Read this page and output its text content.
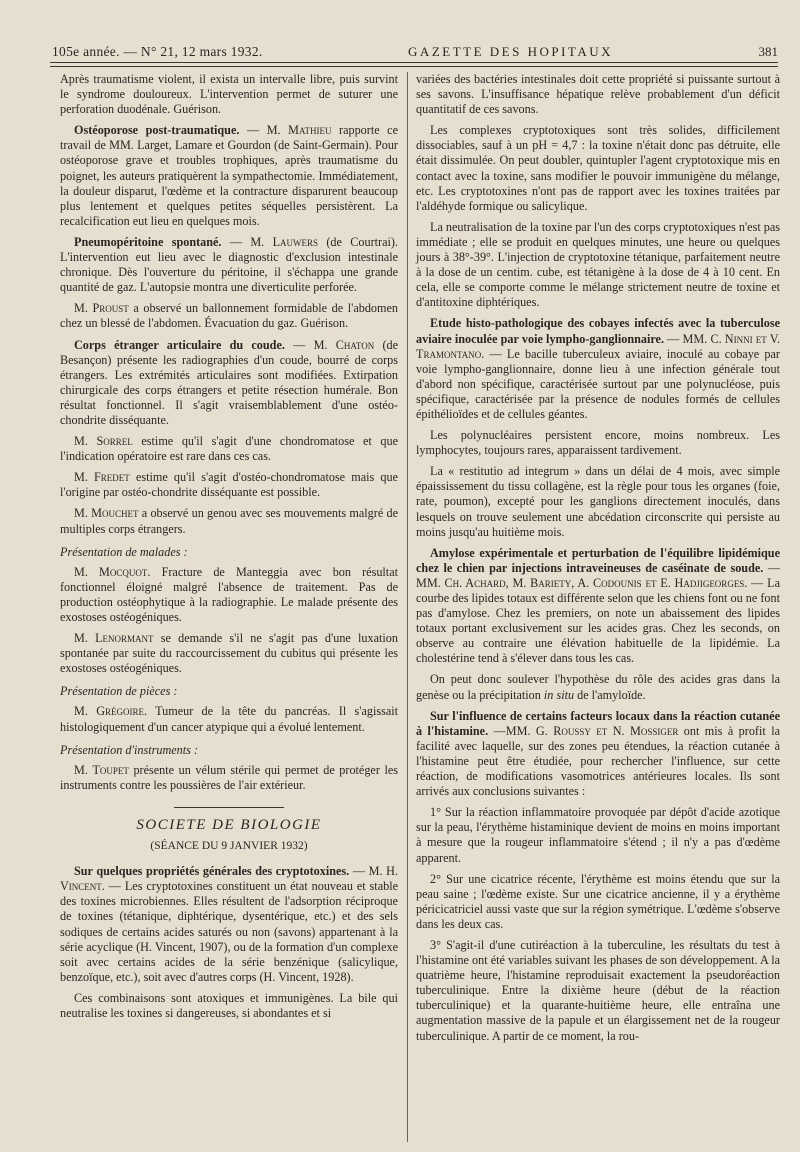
105e année. — N° 21, 12 mars 1932.	GAZETTE DES HOPITAUX	381

Après traumatisme violent, il exista un intervalle libre, puis survint le syndrome douloureux. L'intervention permet de suturer une perforation duodénale. Guérison.

Ostéoporose post-traumatique. — M. Mathieu rapporte ce travail de MM. Larget, Lamare et Gourdon (de Saint-Germain). Pour ostéoporose grave et troubles trophiques, après traumatisme du poignet, les auteurs pratiquèrent la sympathectomie. Immédiatement, la douleur disparut, l'œdème et la contracture disparurent beaucoup plus lentement et quelques petites séquelles persistèrent. La recalcification eut lieu en quelques mois.

Pneumopéritoine spontané. — M. Lauwers (de Courtrai). L'intervention eut lieu avec le diagnostic d'exclusion intestinale chronique. Dès l'ouverture du péritoine, il s'échappa une grande quantité de gaz. L'autopsie montra une diverticulite perforée.

M. Proust a observé un ballonnement formidable de l'abdomen chez un blessé de l'abdomen. Évacuation du gaz. Guérison.

Corps étranger articulaire du coude. — M. Chaton (de Besançon) présente les radiographies d'un coude, bourré de corps étrangers. Les extrémités articulaires sont modifiées. Extirpation chirurgicale des corps étrangers et petite résection humérale. Bon résultat fonctionnel. Il s'agit vraisemblablement d'une ostéo-chondrite disséquante.

M. Sorrel estime qu'il s'agit d'une chondromatose et que l'indication opératoire est rare dans ces cas.

M. Fredet estime qu'il s'agit d'ostéo-chondromatose mais que l'origine par ostéo-chondrite disséquante est possible.

M. Mouchet a observé un genou avec ses mouvements malgré de multiples corps étrangers.

Présentation de malades :

M. Mocquot. Fracture de Manteggia avec bon résultat fonctionnel éloigné malgré l'absence de traitement. Pas de production ostéophytique à la radiographie. Le malade présente des exostoses ostéogéniques.

M. Lenormant se demande s'il ne s'agit pas d'une luxation spontanée par suite du raccourcissement du cubitus qui présente les exostoses ostéogéniques.

Présentation de pièces :

M. Grégoire. Tumeur de la tête du pancréas. Il s'agissait histologiquement d'un cancer atypique qui a évolué lentement.

Présentation d'instruments :

M. Toupet présente un vélum stérile qui permet de protéger les instruments contre les poussières de l'air extérieur.

SOCIETE DE BIOLOGIE
(SÉANCE DU 9 JANVIER 1932)

Sur quelques propriétés générales des cryptotoxines. — M. H. Vincent. — Les cryptotoxines constituent un état nouveau et stable des toxines microbiennes. Elles résultent de l'adsorption réciproque de toxines (tétanique, diphtérique, dysentérique, etc.) et des sels sodiques de certains acides saturés ou non (savons) appartenant à la série acyclique (H. Vincent, 1907), ou de la formation d'un complexe soit avec certains acides de la série benzénique (salicylique, benzoïque, etc.), soit avec d'autres corps (H. Vincent, 1928).

Ces combinaisons sont atoxiques et immunigènes. La bile qui neutralise les toxines si dangereuses, si abondantes et si

variées des bactéries intestinales doit cette propriété si puissante surtout à ses savons. L'insuffisance hépatique relève probablement d'un déficit quantitatif de ces savons.

Les complexes cryptotoxiques sont très solides, difficilement dissociables, sauf à un pH = 4,7 : la toxine n'était donc pas détruite, elle était dissimulée. On peut doubler, quintupler l'agent cryptotoxique mis en contact avec la toxine, sans modifier le pouvoir immunigène du mélange, etc. Les cryptotoxines n'ont pas de rapport avec les toxines traitées par l'aldéhyde formique ou salicylique.

La neutralisation de la toxine par l'un des corps cryptotoxiques n'est pas immédiate ; elle se produit en quelques minutes, une heure ou quelques jours à 38°-39°. L'injection de cryptotoxine tétanique, parfaitement neutre à la dose de un centim. cube, est tétanigène à la dose de 4 à 10 cent. En cela, elle se comporte comme le mélange strictement neutre de toxine et d'antitoxine diphtériques.

Etude histo-pathologique des cobayes infectés avec la tuberculose aviaire inoculée par voie lympho-ganglionnaire. — MM. C. Ninni et V. Tramontano. — Le bacille tuberculeux aviaire, inoculé au cobaye par voie lympho-ganglionnaire, donne lieu à une infection générale tout d'abord non spécifique, caractérisée surtout par une polynucléose, puis spécifique, caractérisée par la présence de nodules formés de cellules épithélioïdes et de cellules géantes.

Les polynucléaires persistent encore, moins nombreux. Les lymphocytes, toujours rares, apparaissent tardivement.

La « restitutio ad integrum » dans un délai de 4 mois, avec simple épaississement du tissu collagène, est la règle pour tous les organes (foie, rate, poumon), excepté pour les ganglions directement inoculés, dans lesquels on trouve seulement une abcédation circonscrite qui persiste au moins jusqu'au huitième mois.

Amylose expérimentale et perturbation de l'équilibre lipidémique chez le chien par injections intraveineuses de caséinate de soude. — MM. Ch. Achard, M. Bariety, A. Codounis et E. Hadjigeorges. — La courbe des lipides totaux est différente selon que les chiens font ou ne font pas d'amylose. Chez les premiers, on note un abaissement des lipides totaux portant exclusivement sur les acides gras. Chez les seconds, on observe au contraire une élévation habituelle de la lipidémie. La cholestérine tend à s'élever dans tous les cas.

On peut donc soulever l'hypothèse du rôle des acides gras dans la genèse ou la précipitation in situ de l'amyloïde.

Sur l'influence de certains facteurs locaux dans la réaction cutanée à l'histamine. —MM. G. Roussy et N. Mossiger ont mis à profit la facilité avec laquelle, sur des zones peu étendues, la réaction cutanée à l'histamine peut être étudiée, pour rechercher l'influence, sur cette réaction, de modifications vasomotrices antérieures locales. Ils sont arrivés aux conclusions suivantes :

1° Sur la réaction inflammatoire provoquée par dépôt d'acide azotique sur la peau, l'érythème histaminique devient de moins en moins important à mesure que la rougeur inflammatoire s'étend ; il n'y a pas d'œdème apparent.

2° Sur une cicatrice récente, l'érythème est moins étendu que sur la peau saine ; l'œdème existe. Sur une cicatrice ancienne, il y a érythème péricicatriciel aussi vaste que sur la région symétrique. L'œdème s'observe dans les deux cas.

3° S'agit-il d'une cutiréaction à la tuberculine, les résultats du test à l'histamine ont été variables suivant les phases de son développement. A la quatrième heure, l'histamine reproduisait exactement la pseudoréaction tuberculinique. Entre la dixième heure (début de la réaction tuberculinique) et la quarante-huitième heure, elle entraîna une augmentation massive de la papule et un élargissement net de la rougeur tuberculinique. A partir de ce moment, la rou-
